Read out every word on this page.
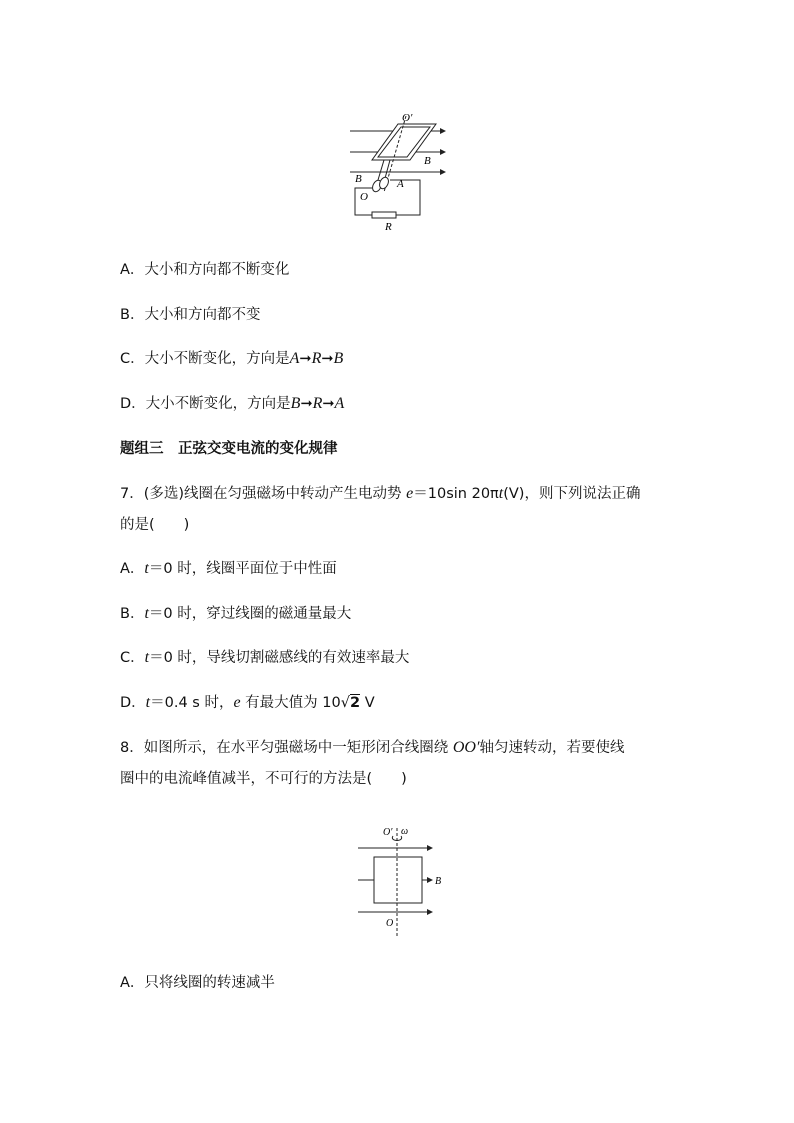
O′
B
B	A
O
R
A．大小和方向都不断变化
B．大小和方向都不变
C．大小不断变化，方向是A➞R➞B
D．大小不断变化，方向是B➞R➞A
题组三　正弦交变电流的变化规律
7．(多选)线圈在匀强磁场中转动产生电动势 e＝10sin 20πt(V)，则下列说法正确
的是(　　)
A．t＝0 时，线圈平面位于中性面
B．t＝0 时，穿过线圈的磁通量最大
C．t＝0 时，导线切割磁感线的有效速率最大
D．t＝0.4 s 时，e 有最大值为 10√2 V
8．如图所示，在水平匀强磁场中一矩形闭合线圈绕 OO′轴匀速转动，若要使线
圈中的电流峰值减半，不可行的方法是(　　)
O′ ω
B
O
A．只将线圈的转速减半
